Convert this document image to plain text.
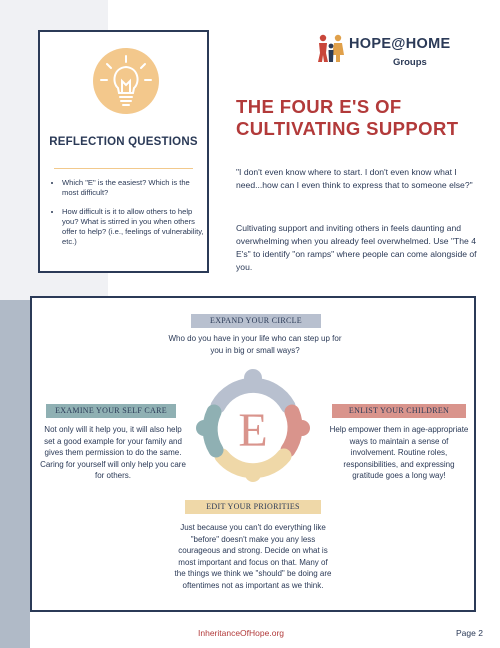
REFLECTION QUESTIONS
• Which "E" is the easiest? Which is the most difficult?
• How difficult is it to allow others to help you? What is stirred in you when others offer to help? (i.e., feelings of vulnerability, etc.)
HOPE@HOME
Groups
THE FOUR E'S OF
CULTIVATING SUPPORT

"I don't even know where to start. I don't even know what I need...how can I even think to express that to someone else?"

Cultivating support and inviting others in feels daunting and overwhelming when you already feel overwhelmed. Use "The 4 E's" to identify "on ramps" where people can come alongside of you.

EXPAND YOUR CIRCLE

Who do you have in your life who can step up for you in big or small ways?

EXAMINE YOUR SELF CARE

Not only will it help you, it will also help set a good example for your family and gives them permission to do the same. Caring for yourself will only help you care for others.

ENLIST YOUR CHILDREN

Help empower them in age-appropriate ways to maintain a sense of involvement. Routine roles, responsibilities, and expressing gratitude goes a long way!

EDIT YOUR PRIORITIES

Just because you can't do everything like "before" doesn't make you any less courageous and strong. Decide on what is most important and focus on that. Many of the things we think we "should" be doing are oftentimes not as important as we think.

E
InheritanceOfHope.org	Page 2
